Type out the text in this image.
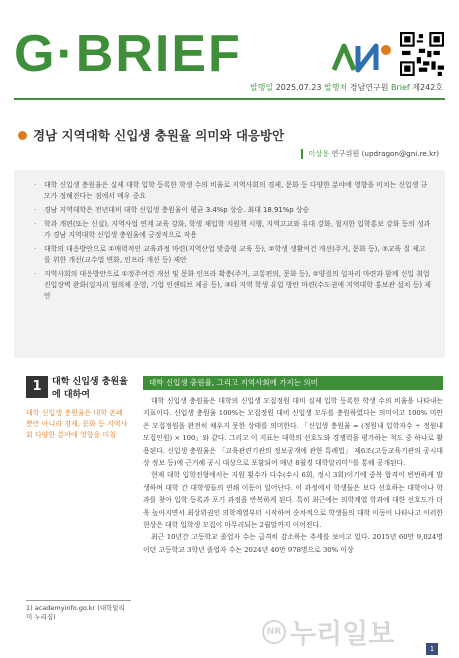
G·BRIEF
발행일 2025.07.23 발행처 경남연구원 Brief 제242호
경남 지역대학 신입생 충원율 의미와 대응방안
이상용 연구위원 (updragon@gni.re.kr)
· 대학 신입생 충원율은 실제 대학 입학 등록한 학생 수의 비율로 지역사회의 경제, 문화 등 다양한 분야에 영향을 미치는 신입생 규모가 정해진다는 점에서 매우 중요
· 경남 지역대학은 전년대비 대학 신입생 충원율이 평균 3.4%p 상승. 최대 18.91%p 상승
· 학과 개편(또는 신설), 지역사업 연계 교육 강화, 학생 재입학 지원책 시행, 지역고교와 유대 강화, 철저한 입학홍보 강화 등의 성과가 경남 지역대학 신입생 충원율에 긍정적으로 작용
· 대학의 대응방안으로 ①매력적인 교육과정 마련(지역산업 맞춤형 교육 등), ②학생 생활여건 개선(주거, 문화 등), ③교육 질 제고를 위한 개선(교수법 변화, 인프라 개선 등) 제안
· 지역사회의 대응방안으로 ①정주여건 개선 및 문화 인프라 확충(주거, 교통편의, 문화 등), ②양질의 일자리 마련과 함께 신입 취업 진입장벽 완화(일자리 협의체 운영, 기업 인센티브 제공 등), ③타 지역 학생 유입 방안 마련(수도권에 지역대학 홍보관 설치 등) 제안
1	대학 신입생 충원율에 대하여
대학 신입생 충원율은 대학 존폐뿐만 아니라 경제, 문화 등 지역사회 다양한 분야에 영향을 미침
1) academyinfo.go.kr (대학알리미 누리집)
대학 신입생 충원율, 그리고 지역사회에 가지는 의미

대학 신입생 충원율은 대학의 신입생 모집정원 대비 실제 입학 등록한 학생 수의 비율을 나타내는 지표이다. 신입생 충원율 100%는 모집정원 대비 신입생 모두를 충원하였다는 의미이고 100% 미만은 모집정원을 완전히 채우지 못한 상태를 의미한다. 「신입생 충원율 = (정원내 입학자수 ÷ 정원내 모집인원) × 100」와 같다. 그리고 이 지표는 대학의 선호도와 경쟁력을 평가하는 척도 중 하나로 활용된다. 신입생 충원율은 「교육관련기관의 정보공개에 관한 특례법」 제6조(고등교육기관의 공시대상 정보 등)에 근거해 공시 대상으로 포함되어 매년 8월경 대학알리미¹⁾를 통해 공개된다.

현재 대학 입학전형에서는 지원 횟수가 다수(수시 6회, 정시 3회)이기에 중복 합격이 빈번하게 발생하며 대학 간 대학생들의 연쇄 이동이 일어난다. 이 과정에서 학생들은 보다 선호하는 대학이나 학과를 찾아 입학 등록과 포기 과정을 반복하게 된다. 특히 최근에는 의학계열 학과에 대한 선호도가 더욱 높아지면서 최상위권인 의학계열부터 시작하여 순차적으로 학생들의 대학 이동이 나타나고 이러한 현상은 대학 입학생 모집이 마무리되는 2월말까지 이어진다.

최근 10년간 고등학교 졸업자 수는 급격히 감소하는 추세를 보이고 있다. 2015년 60만 9,024명이던 고등학교 3학년 졸업자 수는 2024년 40만 978명으로 30% 이상

NR 누리일보	1
